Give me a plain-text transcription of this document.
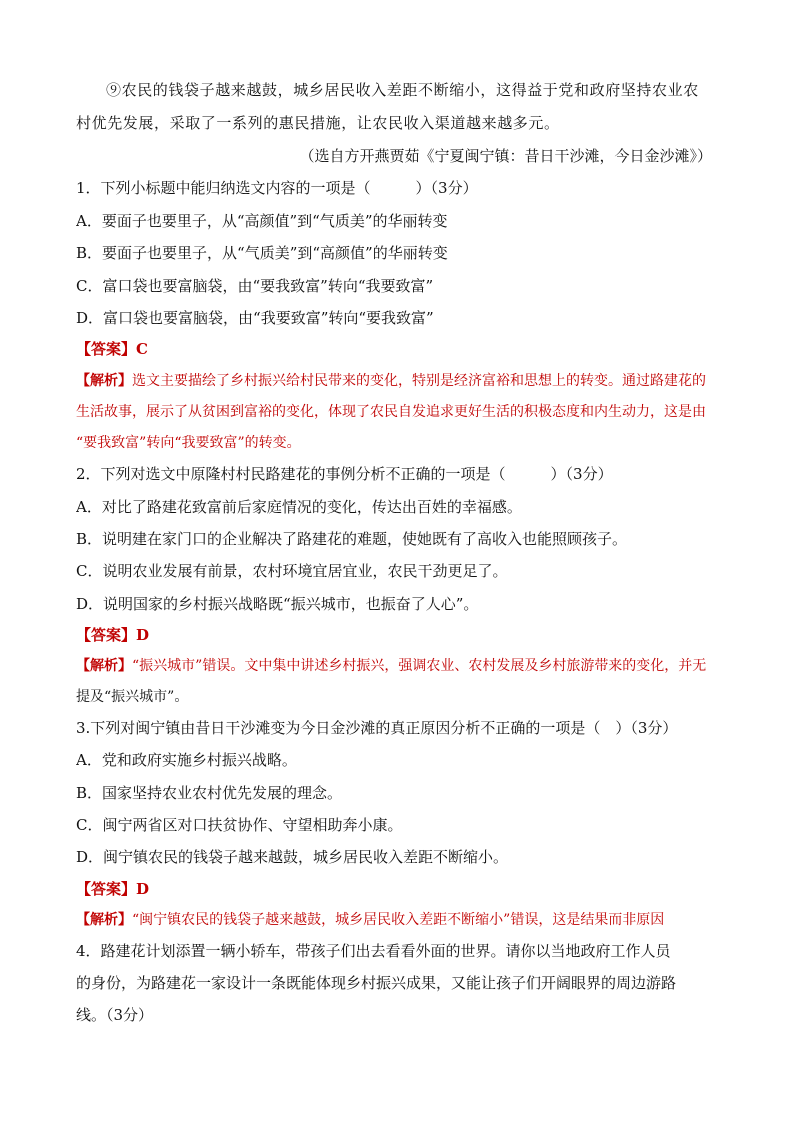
⑨农民的钱袋子越来越鼓，城乡居民收入差距不断缩小，这得益于党和政府坚持农业农
村优先发展，采取了一系列的惠民措施，让农民收入渠道越来越多元。
（选自方开燕贾茹《宁夏闽宁镇：昔日干沙滩，今日金沙滩》）
1．下列小标题中能归纳选文内容的一项是（　　　）（3分）
A．要面子也要里子，从“高颜值”到“气质美”的华丽转变
B．要面子也要里子，从“气质美”到“高颜值”的华丽转变
C．富口袋也要富脑袋，由“要我致富”转向“我要致富”
D．富口袋也要富脑袋，由“我要致富”转向“要我致富”
【答案】C
【解析】选文主要描绘了乡村振兴给村民带来的变化，特别是经济富裕和思想上的转变。通过路建花的
生活故事，展示了从贫困到富裕的变化，体现了农民自发追求更好生活的积极态度和内生动力，这是由
“要我致富”转向“我要致富”的转变。
2．下列对选文中原隆村村民路建花的事例分析不正确的一项是（　　　）（3分）
A．对比了路建花致富前后家庭情况的变化，传达出百姓的幸福感。
B．说明建在家门口的企业解决了路建花的难题，使她既有了高收入也能照顾孩子。
C．说明农业发展有前景，农村环境宜居宜业，农民干劲更足了。
D．说明国家的乡村振兴战略既“振兴城市，也振奋了人心”。
【答案】D
【解析】“振兴城市”错误。文中集中讲述乡村振兴，强调农业、农村发展及乡村旅游带来的变化，并无
提及“振兴城市”。
3.下列对闽宁镇由昔日干沙滩变为今日金沙滩的真正原因分析不正确的一项是（　）（3分）
A．党和政府实施乡村振兴战略。
B．国家坚持农业农村优先发展的理念。
C．闽宁两省区对口扶贫协作、守望相助奔小康。
D．闽宁镇农民的钱袋子越来越鼓，城乡居民收入差距不断缩小。
【答案】D
【解析】“闽宁镇农民的钱袋子越来越鼓，城乡居民收入差距不断缩小”错误，这是结果而非原因
4．路建花计划添置一辆小轿车，带孩子们出去看看外面的世界。请你以当地政府工作人员
的身份，为路建花一家设计一条既能体现乡村振兴成果，又能让孩子们开阔眼界的周边游路
线。（3分）
